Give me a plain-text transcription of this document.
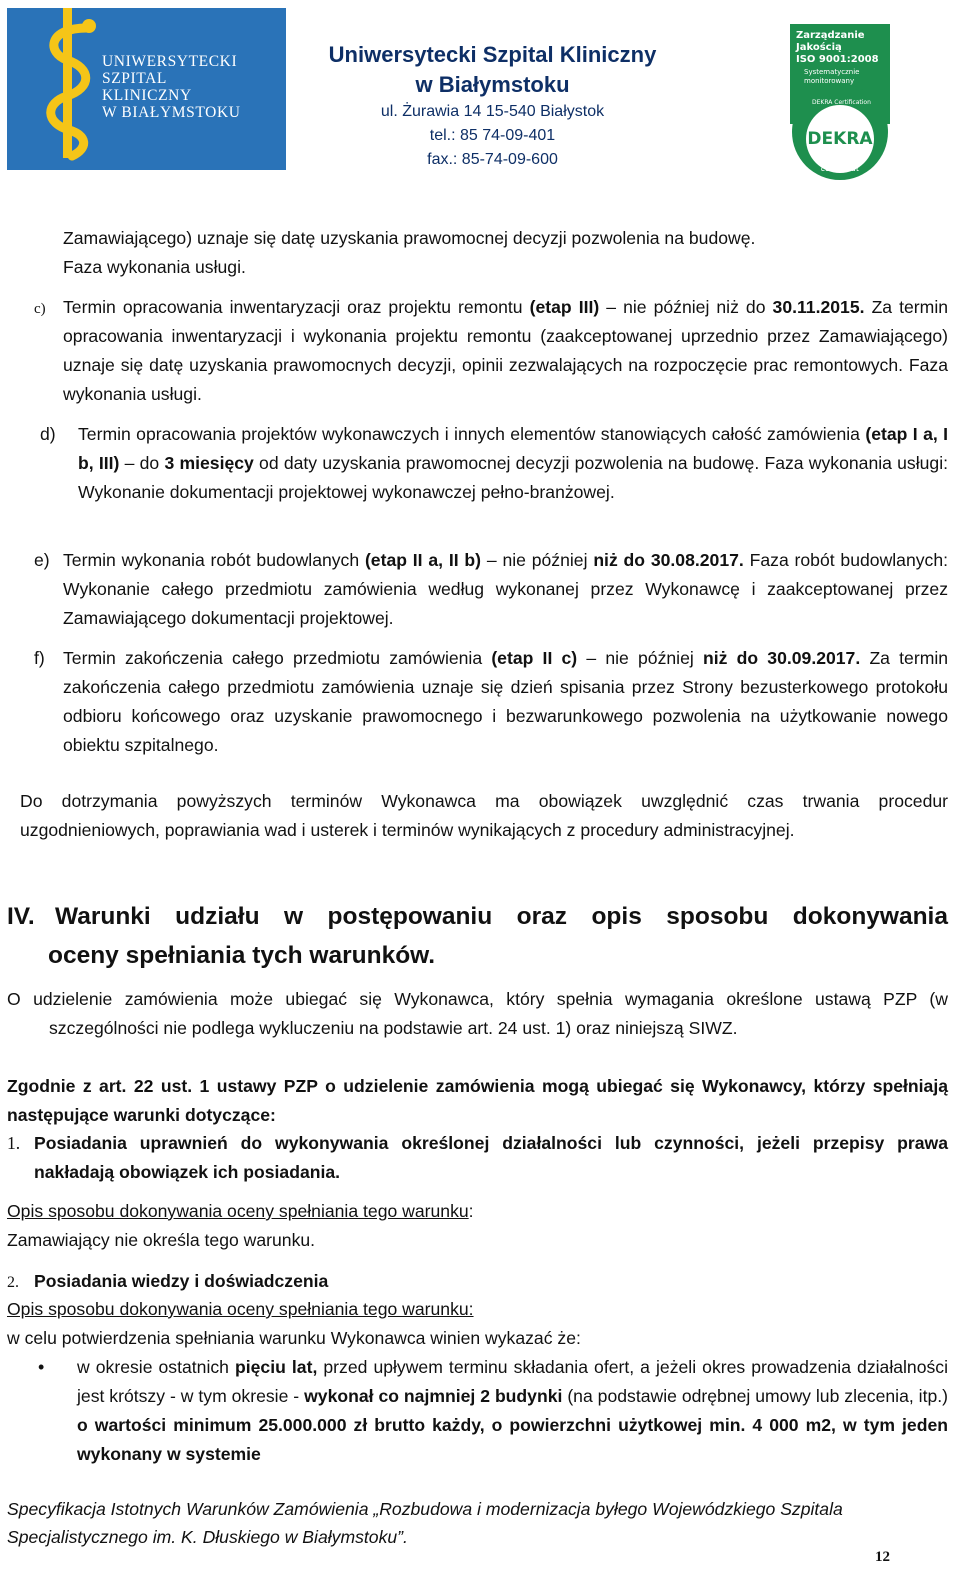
UNIWERSYTECKI
SZPITAL
KLINICZNY
W BIAŁYMSTOKU
Uniwersytecki Szpital Kliniczny
w Białymstoku
ul. Żurawia 14 15-540 Białystok
tel.: 85 74-09-401
fax.: 85-74-09-600
Zarządzanie
Jakością
ISO 9001:2008
Systematycznie
monitorowany
DEKRA Certification
DEKRA
certyfikat
Zamawiającego) uznaje się datę uzyskania prawomocnej decyzji pozwolenia na budowę.
Faza wykonania usługi.
c) Termin opracowania inwentaryzacji oraz projektu remontu (etap III) – nie później niż do 30.11.2015. Za termin opracowania inwentaryzacji i wykonania projektu remontu (zaakceptowanej uprzednio przez Zamawiającego) uznaje się datę uzyskania prawomocnych decyzji, opinii zezwalających na rozpoczęcie prac remontowych. Faza wykonania usługi.
d)	Termin opracowania projektów wykonawczych i innych elementów stanowiących całość zamówienia (etap I a, I b, III) – do 3 miesięcy od daty uzyskania prawomocnej decyzji pozwolenia na budowę. Faza wykonania usługi: Wykonanie dokumentacji projektowej wykonawczej pełno-branżowej.
e) Termin wykonania robót budowlanych (etap II a, II b) – nie później niż do 30.08.2017. Faza robót budowlanych: Wykonanie całego przedmiotu zamówienia według wykonanej przez Wykonawcę i zaakceptowanej przez Zamawiającego dokumentacji projektowej.
f)	Termin zakończenia całego przedmiotu zamówienia (etap II c) – nie później niż do 30.09.2017. Za termin zakończenia całego przedmiotu zamówienia uznaje się dzień spisania przez Strony bezusterkowego protokołu odbioru końcowego oraz uzyskanie prawomocnego i bezwarunkowego pozwolenia na użytkowanie nowego obiektu szpitalnego.
Do dotrzymania powyższych terminów Wykonawca ma obowiązek uwzględnić czas trwania procedur uzgodnieniowych, poprawiania wad i usterek i terminów wynikających z procedury administracyjnej.
IV. Warunki udziału w postępowaniu oraz opis sposobu dokonywania
oceny spełniania tych warunków.
O udzielenie zamówienia może ubiegać się Wykonawca, który spełnia wymagania określone ustawą PZP (w szczególności nie podlega wykluczeniu na podstawie art. 24 ust. 1) oraz niniejszą SIWZ.
Zgodnie z art. 22 ust. 1 ustawy PZP o udzielenie zamówienia mogą ubiegać się Wykonawcy, którzy spełniają następujące warunki dotyczące:
1. Posiadania uprawnień do wykonywania określonej działalności lub czynności, jeżeli przepisy prawa nakładają obowiązek ich posiadania.
Opis sposobu dokonywania oceny spełniania tego warunku:
Zamawiający nie określa tego warunku.
2. Posiadania wiedzy i doświadczenia
Opis sposobu dokonywania oceny spełniania tego warunku:
w celu potwierdzenia spełniania warunku Wykonawca winien wykazać że:
• w okresie ostatnich pięciu lat, przed upływem terminu składania ofert, a jeżeli okres prowadzenia działalności jest krótszy - w tym okresie - wykonał co najmniej 2 budynki (na podstawie odrębnej umowy lub zlecenia, itp.) o wartości minimum 25.000.000 zł brutto każdy, o powierzchni użytkowej min. 4 000 m2, w tym jeden wykonany w systemie
Specyfikacja Istotnych Warunków Zamówienia „Rozbudowa i modernizacja byłego Wojewódzkiego Szpitala
Specjalistycznego im. K. Dłuskiego w Białymstoku”.
12
